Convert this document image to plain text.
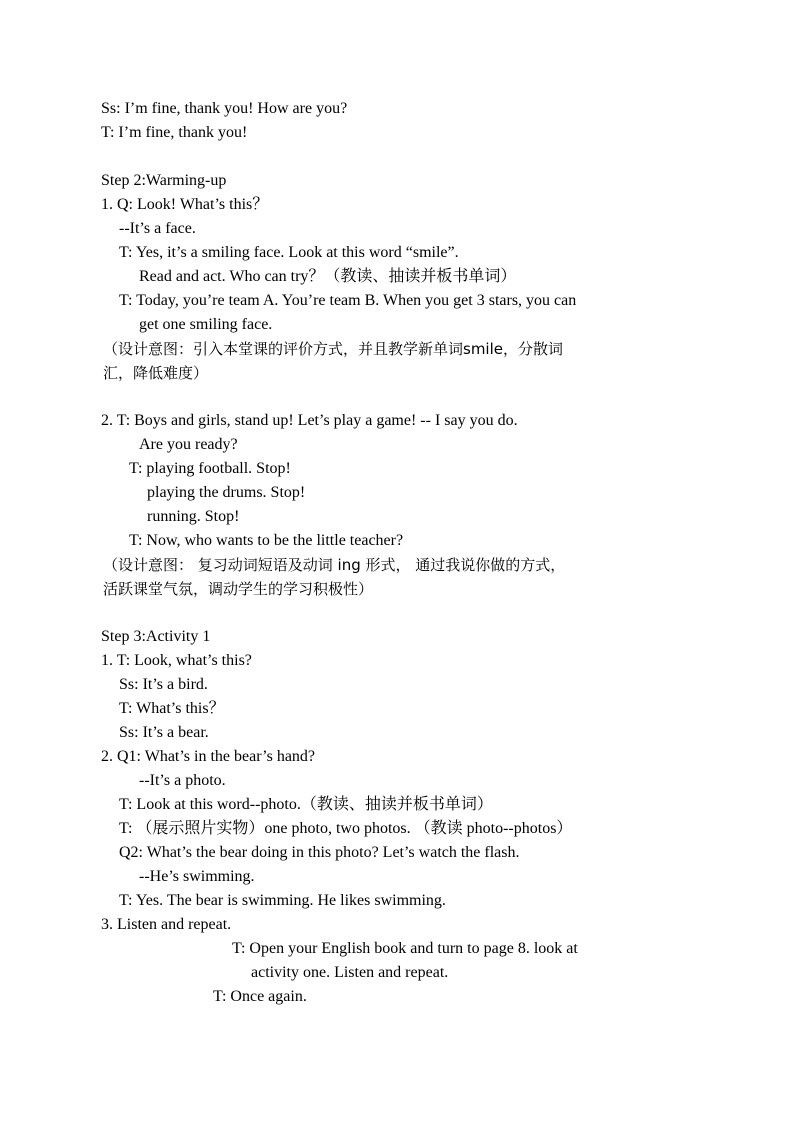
Ss: I’m fine, thank you! How are you?
T: I’m fine, thank you!
Step 2:Warming-up
1. Q: Look! What’s this？
--It’s a face.
T: Yes, it’s a smiling face. Look at this word “smile”.
Read and act. Who can try？（教读、抽读并板书单词）
T: Today, you’re team A. You’re team B. When you get 3 stars, you can
get one smiling face.
（设计意图：引入本堂课的评价方式，并且教学新单词smile，分散词
汇，降低难度）
2. T: Boys and girls, stand up! Let’s play a game! -- I say you do.
Are you ready?
T: playing football. Stop!
playing the drums. Stop!
running. Stop!
T: Now, who wants to be the little teacher?
（设计意图： 复习动词短语及动词 ing 形式， 通过我说你做的方式，
活跃课堂气氛，调动学生的学习积极性）
Step 3:Activity 1
1. T: Look, what’s this?
Ss: It’s a bird.
T: What’s this？
Ss: It’s a bear.
2. Q1: What’s in the bear’s hand?
--It’s a photo.
T: Look at this word--photo.（教读、抽读并板书单词）
T: （展示照片实物）one photo, two photos. （教读 photo--photos）
Q2: What’s the bear doing in this photo? Let’s watch the flash.
--He’s swimming.
T: Yes. The bear is swimming. He likes swimming.
3. Listen and repeat.
T: Open your English book and turn to page 8. look at
activity one. Listen and repeat.
T: Once again.
